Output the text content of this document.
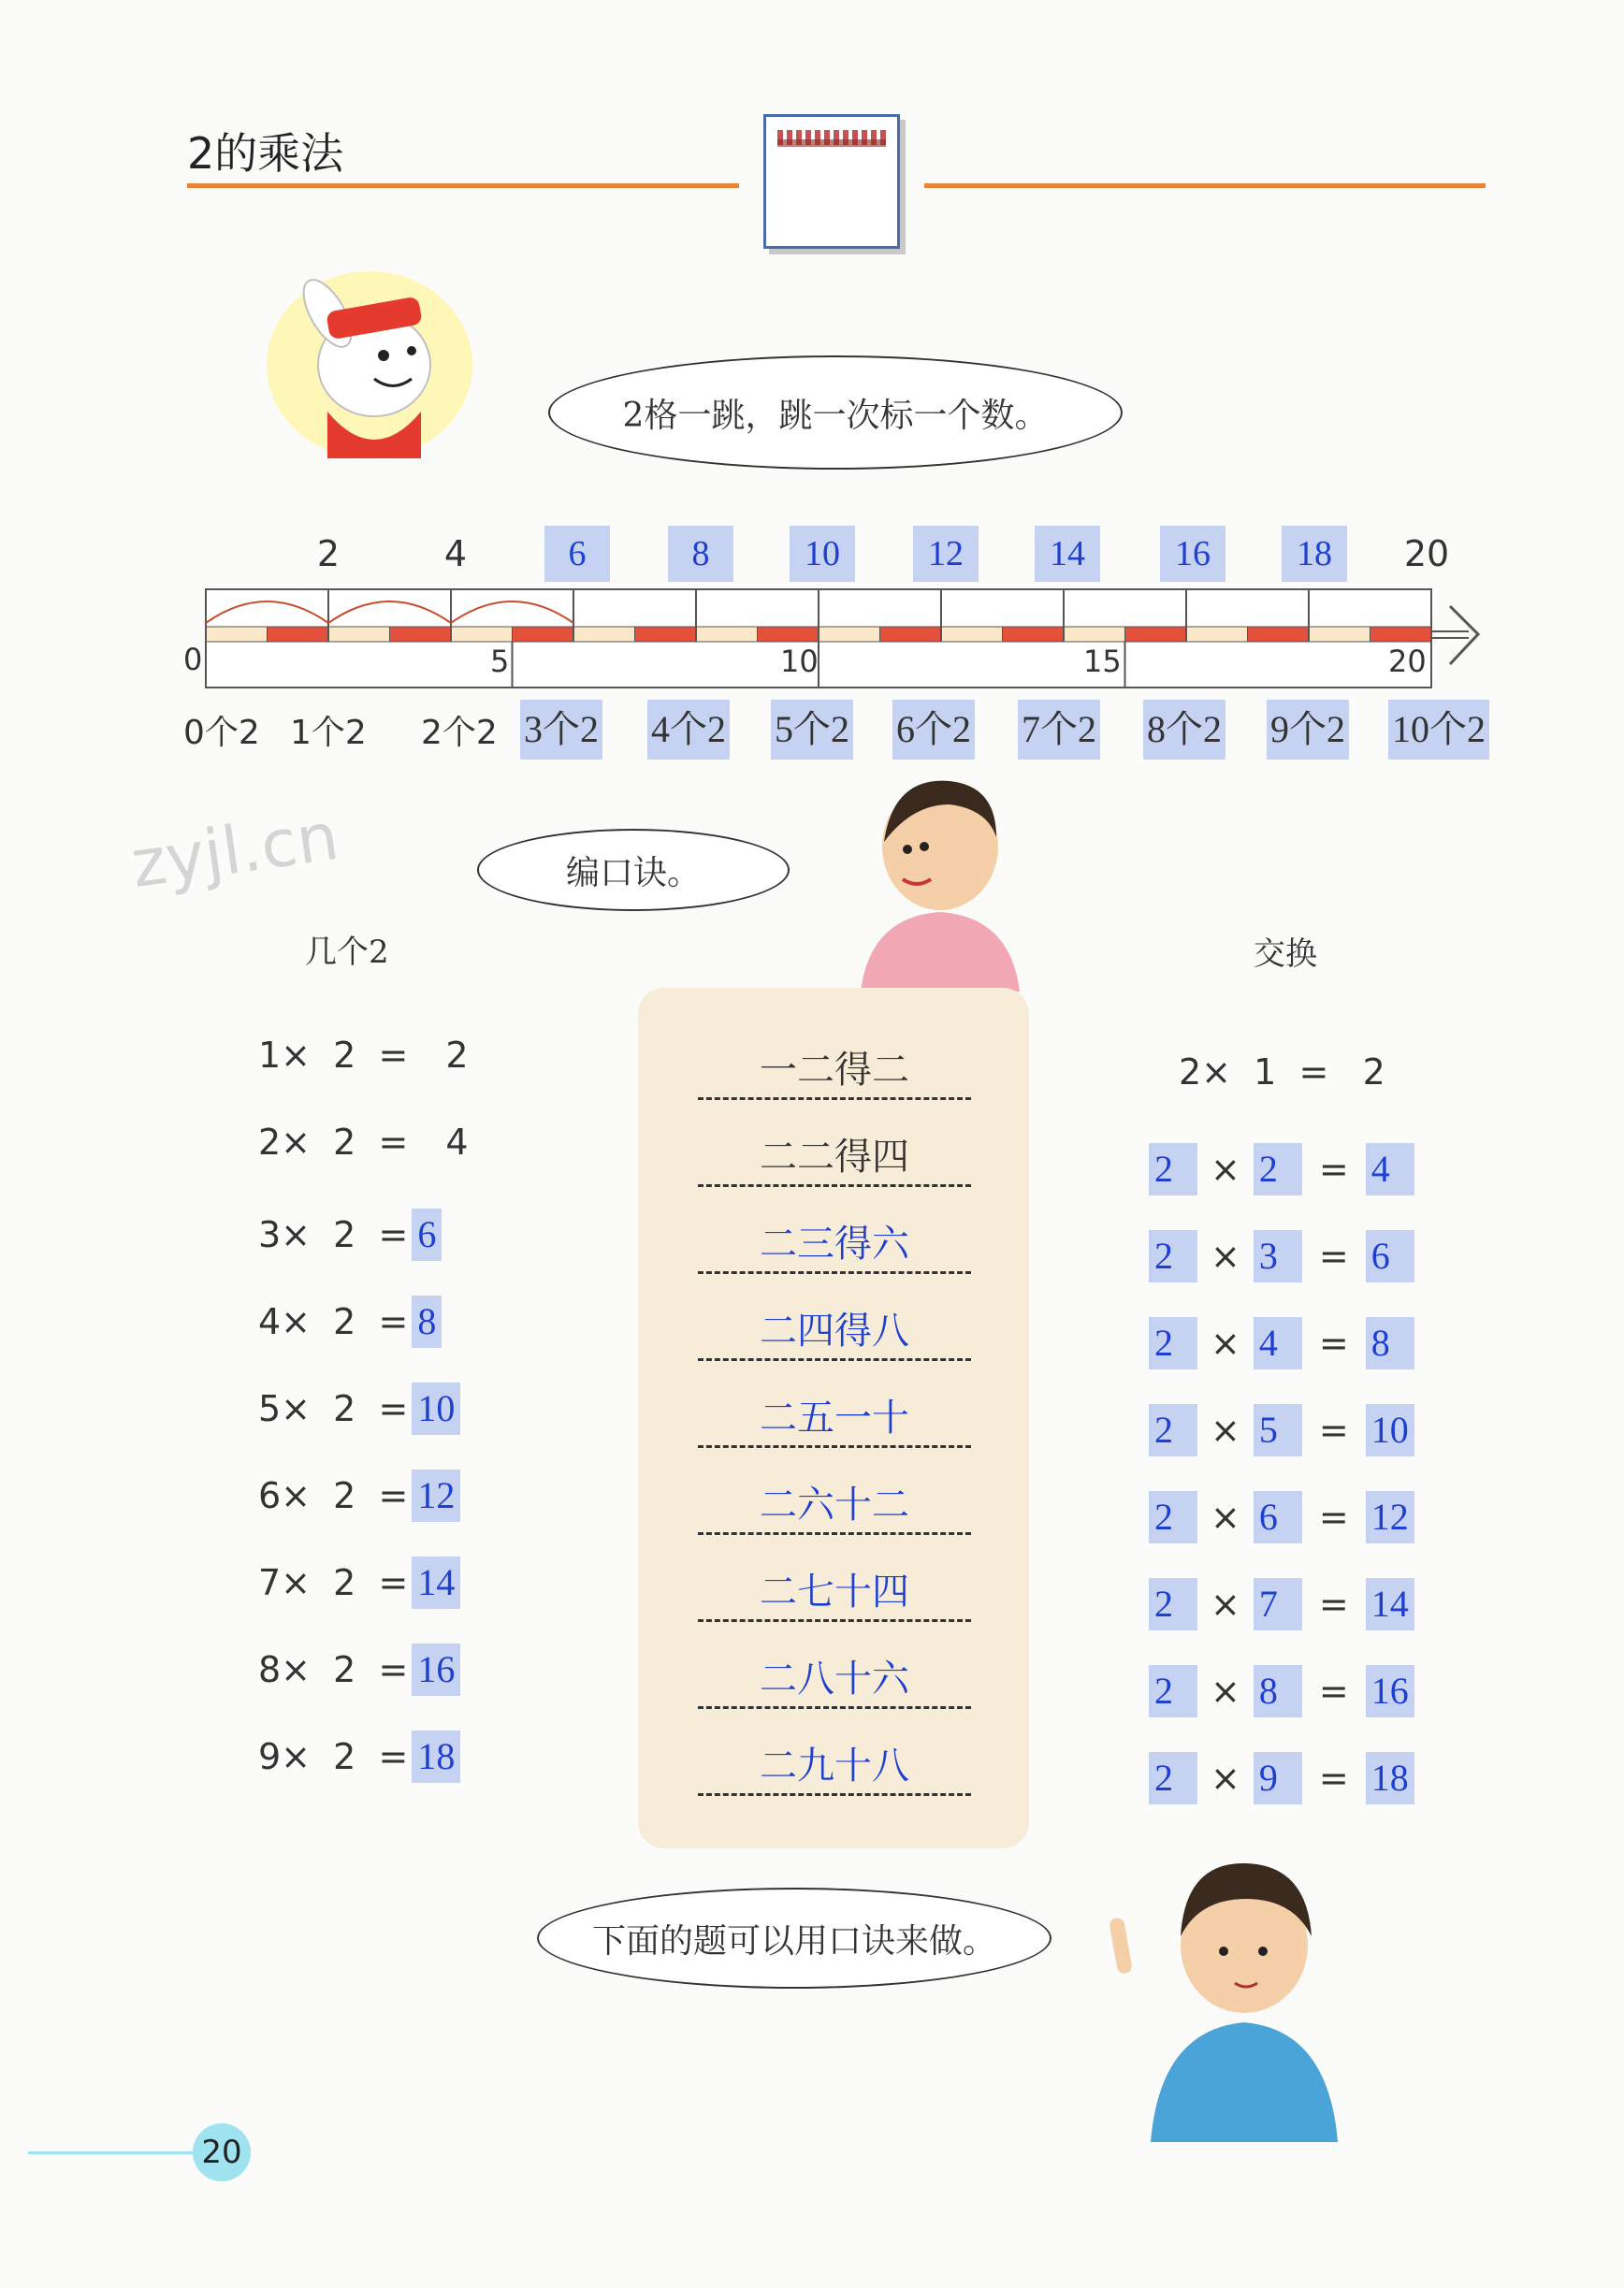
2的乘法
2格一跳，跳一次标一个数。
2	4	20
6	8	10	12	14	16	18
0	5	10	15	20
0个2 1个2 2个2 3个2 4个2 5个2 6个2 7个2 8个2 9个2 10个2
zyjl.cn	编口诀。
几个2	交换
1×  2  = 2
2×  2  = 4
3×  2  = 6
4×  2  = 8
5×  2  = 10
6×  2  = 12
7×  2  = 14
8×  2  = 16
9×  2  = 18
一二得二
二二得四
二三得六
二四得八
二五一十
二六十二
二七十四
二八十六
二九十八
2×  1  =   2
2 × 2 = 4
2 × 3 = 6
2 × 4 = 8
2 × 5 = 10
2 × 6 = 12
2 × 7 = 14
2 × 8 = 16
2 × 9 = 18
下面的题可以用口诀来做。
20
